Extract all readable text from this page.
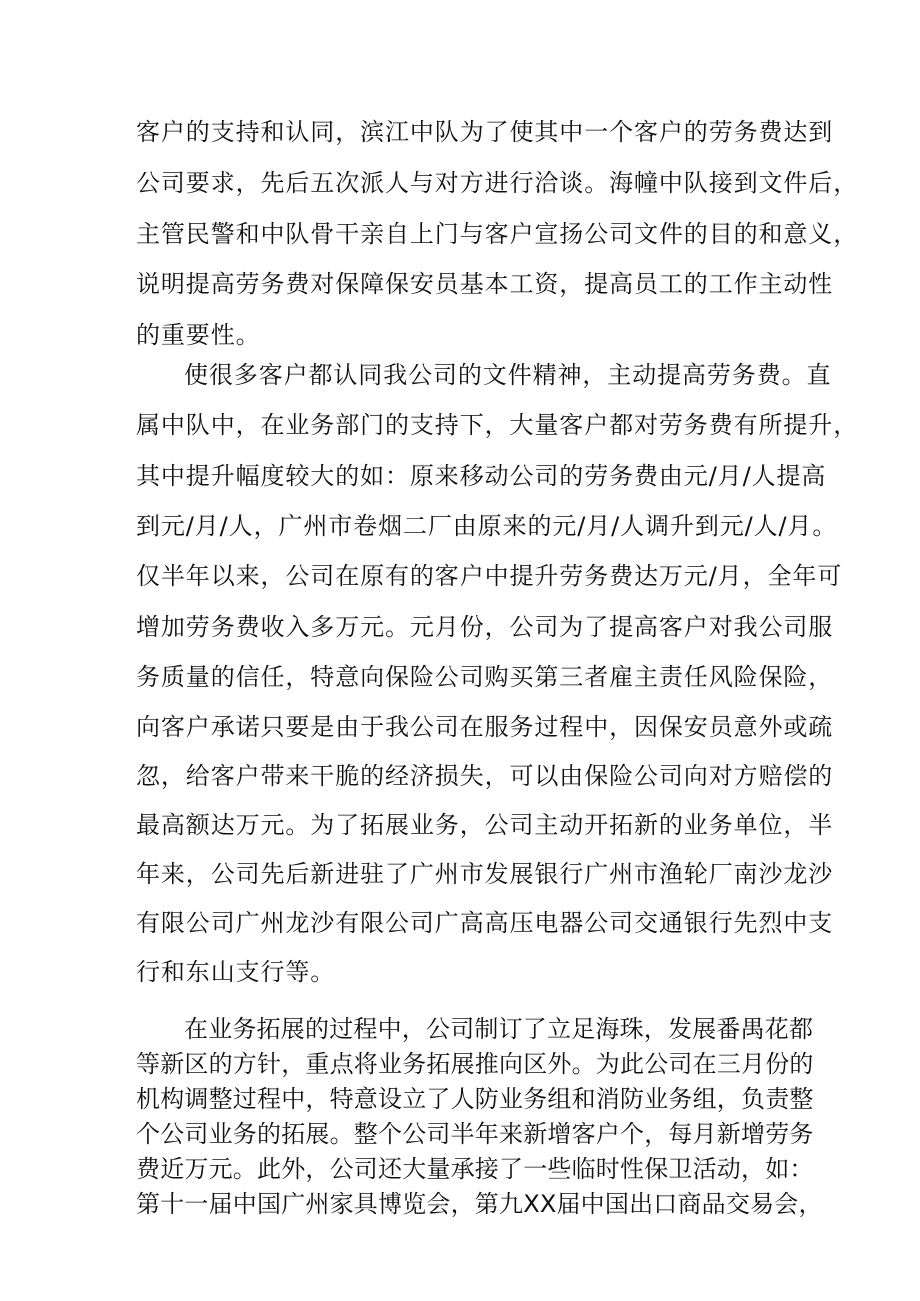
客户的支持和认同，滨江中队为了使其中一个客户的劳务费达到
公司要求，先后五次派人与对方进行洽谈。海幢中队接到文件后，
主管民警和中队骨干亲自上门与客户宣扬公司文件的目的和意义，
说明提高劳务费对保障保安员基本工资，提高员工的工作主动性
的重要性。
使很多客户都认同我公司的文件精神，主动提高劳务费。直
属中队中，在业务部门的支持下，大量客户都对劳务费有所提升，
其中提升幅度较大的如：原来移动公司的劳务费由元/月/人提高
到元/月/人，广州市卷烟二厂由原来的元/月/人调升到元/人/月。
仅半年以来，公司在原有的客户中提升劳务费达万元/月，全年可
增加劳务费收入多万元。元月份，公司为了提高客户对我公司服
务质量的信任，特意向保险公司购买第三者雇主责任风险保险，
向客户承诺只要是由于我公司在服务过程中，因保安员意外或疏
忽，给客户带来干脆的经济损失，可以由保险公司向对方赔偿的
最高额达万元。为了拓展业务，公司主动开拓新的业务单位，半
年来，公司先后新进驻了广州市发展银行广州市渔轮厂南沙龙沙
有限公司广州龙沙有限公司广高高压电器公司交通银行先烈中支
行和东山支行等。
在业务拓展的过程中，公司制订了立足海珠，发展番禺花都
等新区的方针，重点将业务拓展推向区外。为此公司在三月份的
机构调整过程中，特意设立了人防业务组和消防业务组，负责整
个公司业务的拓展。整个公司半年来新增客户个，每月新增劳务
费近万元。此外，公司还大量承接了一些临时性保卫活动，如：
第十一届中国广州家具博览会，第九XX届中国出口商品交易会，
